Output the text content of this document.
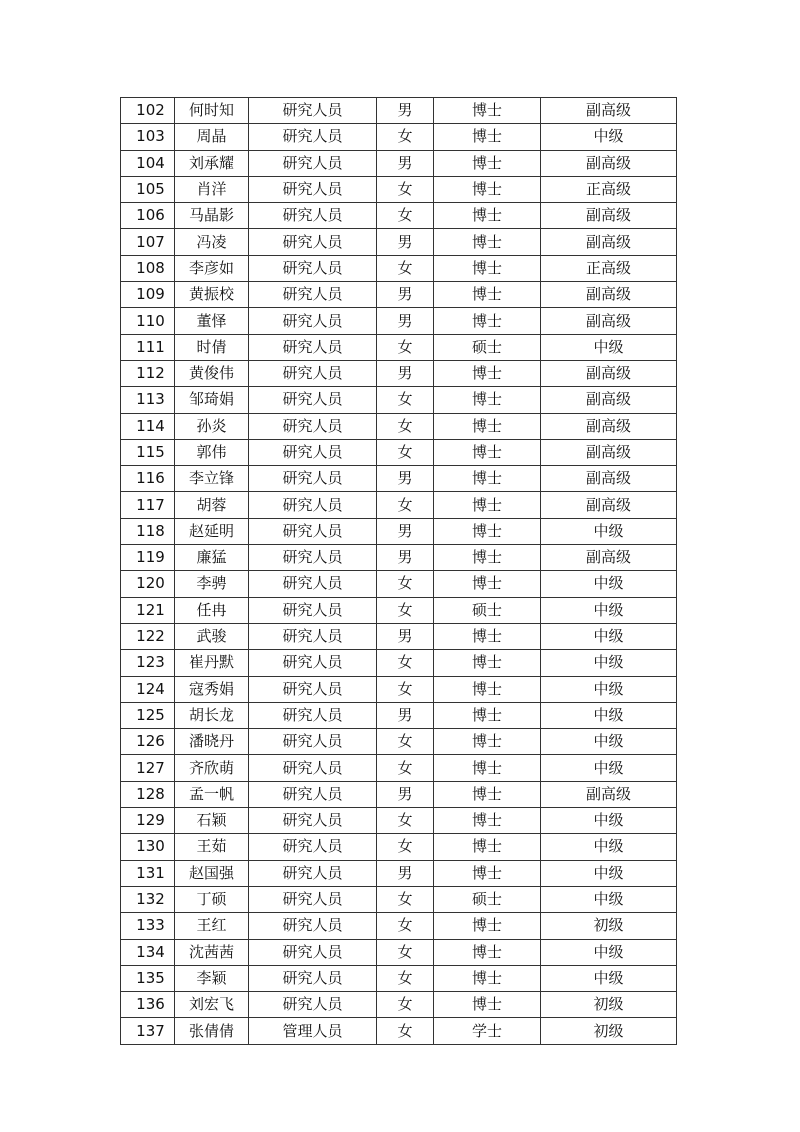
102	何时知	研究人员	男	博士	副高级
103	周晶	研究人员	女	博士	中级
104	刘承耀	研究人员	男	博士	副高级
105	肖洋	研究人员	女	博士	正高级
106	马晶影	研究人员	女	博士	副高级
107	冯凌	研究人员	男	博士	副高级
108	李彦如	研究人员	女	博士	正高级
109	黄振校	研究人员	男	博士	副高级
110	董怿	研究人员	男	博士	副高级
111	时倩	研究人员	女	硕士	中级
112	黄俊伟	研究人员	男	博士	副高级
113	邹琦娟	研究人员	女	博士	副高级
114	孙炎	研究人员	女	博士	副高级
115	郭伟	研究人员	女	博士	副高级
116	李立锋	研究人员	男	博士	副高级
117	胡蓉	研究人员	女	博士	副高级
118	赵延明	研究人员	男	博士	中级
119	廉猛	研究人员	男	博士	副高级
120	李骋	研究人员	女	博士	中级
121	任冉	研究人员	女	硕士	中级
122	武骏	研究人员	男	博士	中级
123	崔丹默	研究人员	女	博士	中级
124	寇秀娟	研究人员	女	博士	中级
125	胡长龙	研究人员	男	博士	中级
126	潘晓丹	研究人员	女	博士	中级
127	齐欣萌	研究人员	女	博士	中级
128	孟一帆	研究人员	男	博士	副高级
129	石颖	研究人员	女	博士	中级
130	王茹	研究人员	女	博士	中级
131	赵国强	研究人员	男	博士	中级
132	丁硕	研究人员	女	硕士	中级
133	王红	研究人员	女	博士	初级
134	沈茜茜	研究人员	女	博士	中级
135	李颖	研究人员	女	博士	中级
136	刘宏飞	研究人员	女	博士	初级
137	张倩倩	管理人员	女	学士	初级
